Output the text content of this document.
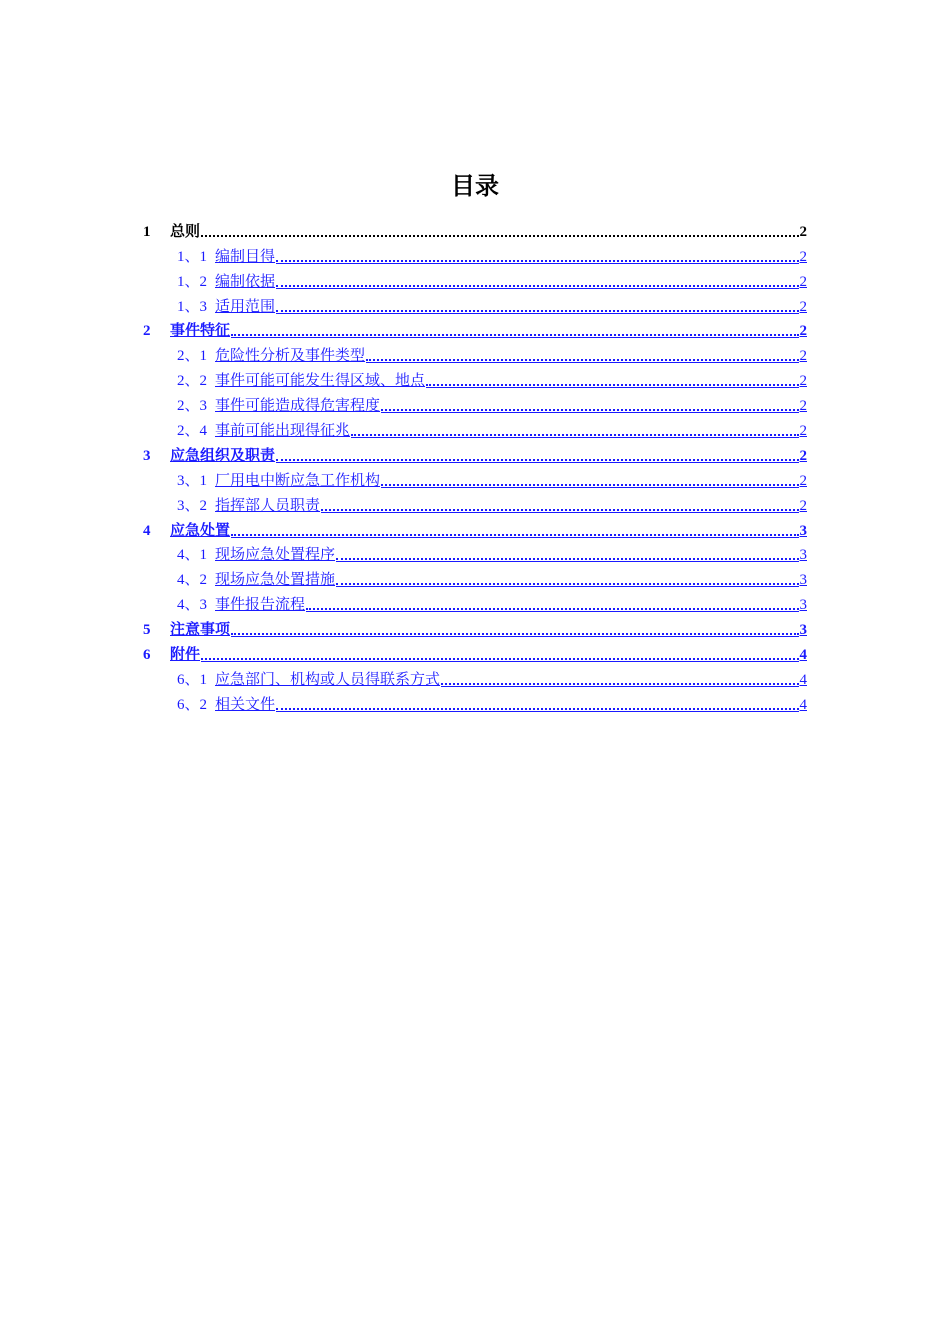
目录
1 总则	2
1、1 编制目得	2
1、2 编制依据	2
1、3 适用范围	2
2 事件特征	2
2、1 危险性分析及事件类型	2
2、2 事件可能可能发生得区域、地点	2
2、3 事件可能造成得危害程度	2
2、4 事前可能出现得征兆	2
3 应急组织及职责	2
3、1 厂用电中断应急工作机构	2
3、2 指挥部人员职责	2
4 应急处置	3
4、1 现场应急处置程序	3
4、2 现场应急处置措施	3
4、3 事件报告流程	3
5 注意事项	3
6 附件	4
6、1 应急部门、机构或人员得联系方式	4
6、2 相关文件	4
